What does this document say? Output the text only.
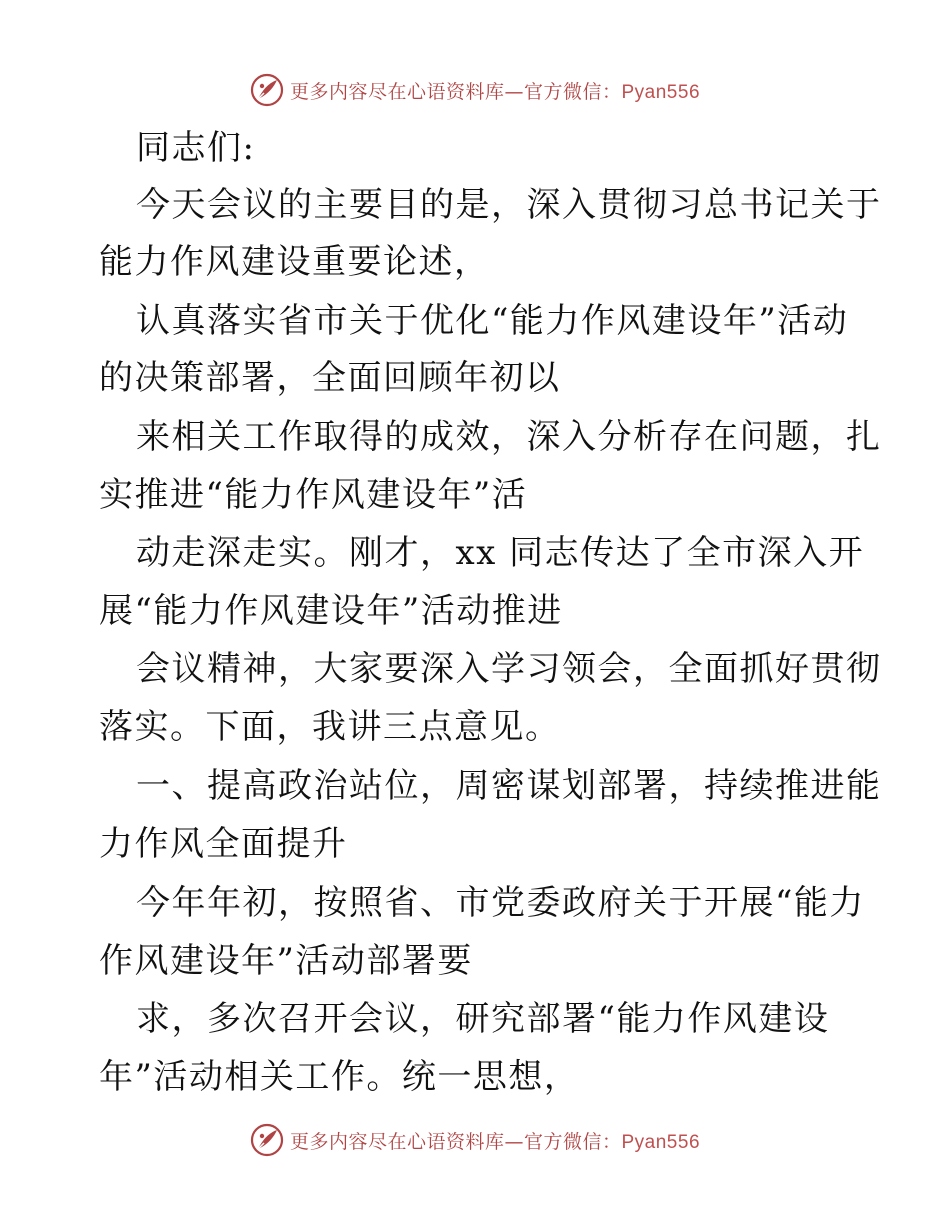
更多内容尽在心语资料库—官方微信：Pyan556
同志们:
今天会议的主要目的是，深入贯彻习总书记关于
能力作风建设重要论述，
认真落实省市关于优化“能力作风建设年”活动
的决策部署，全面回顾年初以
来相关工作取得的成效，深入分析存在问题，扎
实推进“能力作风建设年”活
动走深走实。刚才，xx 同志传达了全市深入开
展“能力作风建设年”活动推进
会议精神，大家要深入学习领会，全面抓好贯彻
落实。下面，我讲三点意见。
一、提高政治站位，周密谋划部署，持续推进能
力作风全面提升
今年年初，按照省、市党委政府关于开展“能力
作风建设年”活动部署要
求，多次召开会议，研究部署“能力作风建设
年”活动相关工作。统一思想，
更多内容尽在心语资料库—官方微信：Pyan556
